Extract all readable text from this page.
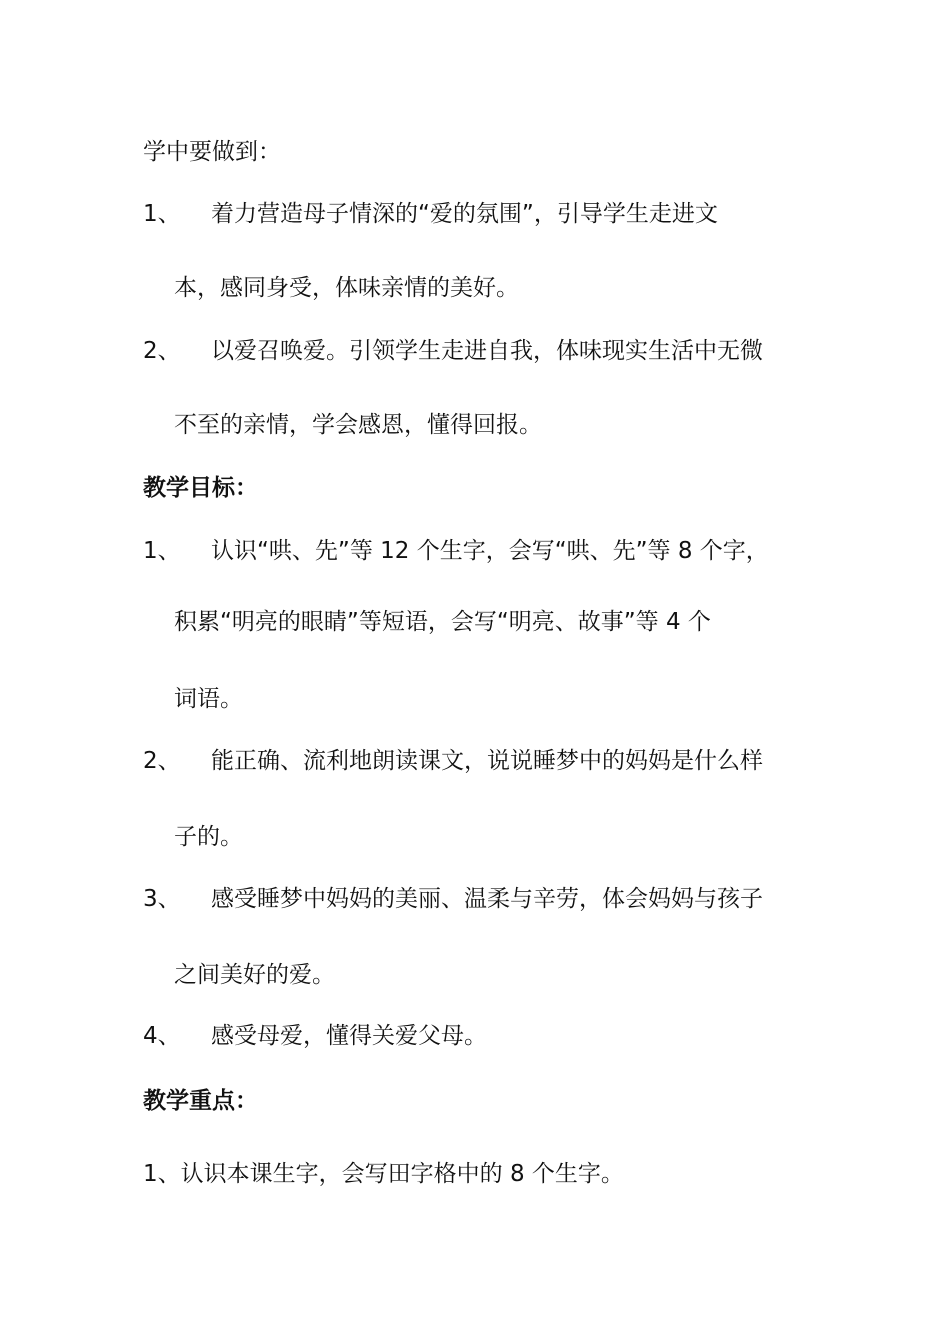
学中要做到：
1、 着力营造母子情深的“爱的氛围”，引导学生走进文
本，感同身受，体味亲情的美好。
2、 以爱召唤爱。引领学生走进自我，体味现实生活中无微
不至的亲情，学会感恩，懂得回报。
教学目标：
1、 认识“哄、先”等 12 个生字，会写“哄、先”等 8 个字，
积累“明亮的眼睛”等短语，会写“明亮、故事”等 4 个
词语。
2、 能正确、流利地朗读课文，说说睡梦中的妈妈是什么样
子的。
3、 感受睡梦中妈妈的美丽、温柔与辛劳，体会妈妈与孩子
之间美好的爱。
4、 感受母爱，懂得关爱父母。
教学重点：
1、认识本课生字，会写田字格中的 8 个生字。
